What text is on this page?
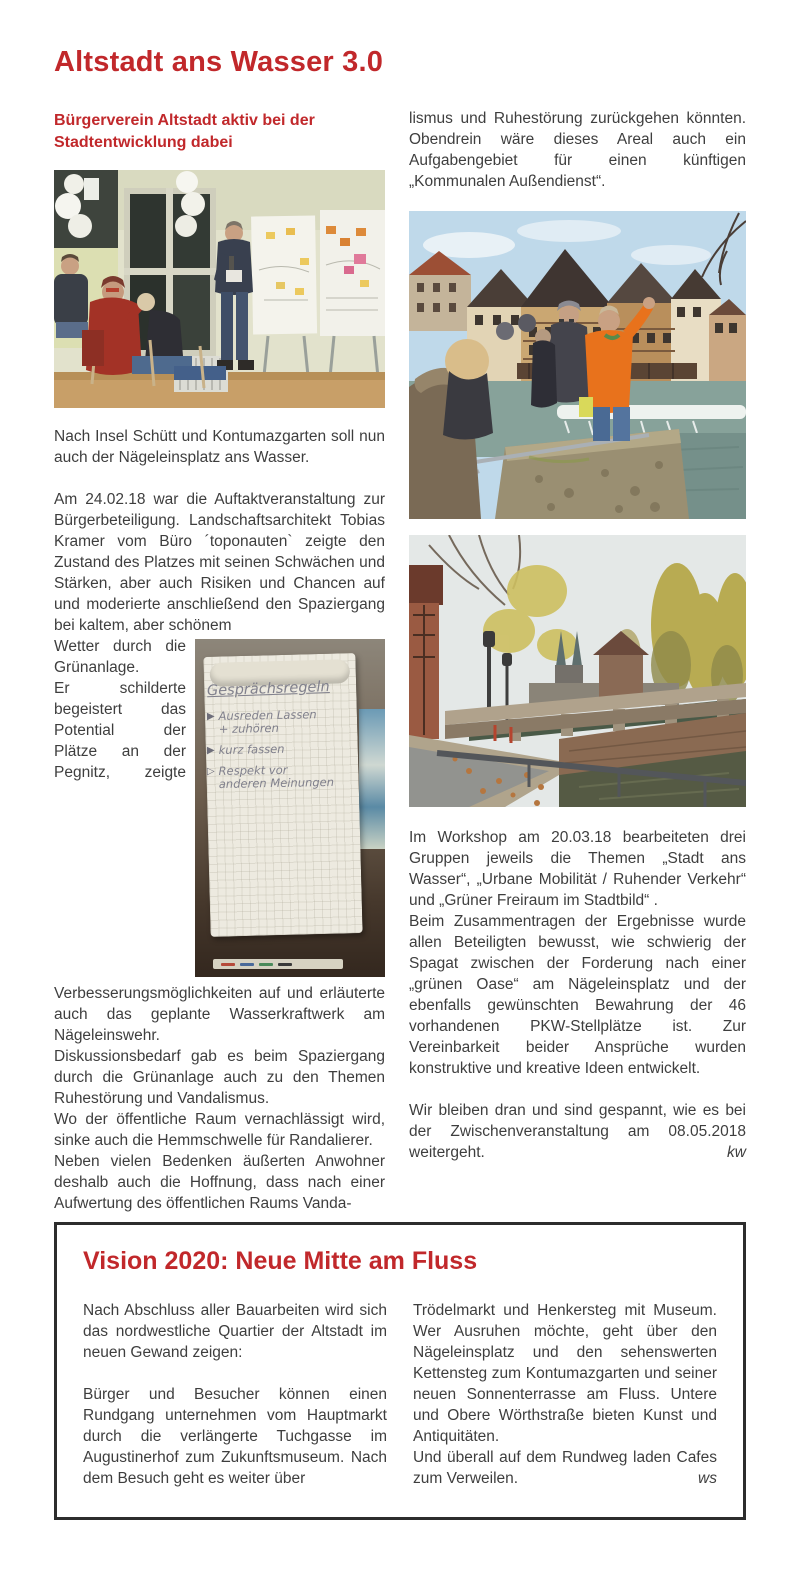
Altstadt ans Wasser 3.0

Bürgerverein Altstadt aktiv bei der Stadtentwicklung dabei

Nach Insel Schütt und Kontumazgarten soll nun auch der Nägeleinsplatz ans Wasser.

Am 24.02.18 war die Auftaktveranstaltung zur Bürgerbeteiligung. Landschaftsarchitekt Tobias Kramer vom Büro ´toponauten` zeigte den Zustand des Platzes mit seinen Schwächen und Stärken, aber auch Risiken und Chancen auf und moderierte anschließend den Spaziergang bei kaltem, aber schönem

Gesprächsregeln
▶ Ausreden Lassen
+ zuhören
▶ kurz fassen
▷ Respekt vor
anderen Meinungen

Wetter durch die Grünanlage.

Er schilderte begeistert das Potential der Plätze an der Pegnitz, zeigte Verbesserungsmöglichkeiten auf und erläuterte auch das geplante Wasserkraftwerk am Nägeleinswehr.

Diskussionsbedarf gab es beim Spaziergang durch die Grünanlage auch zu den Themen Ruhestörung und Vandalismus.

Wo der öffentliche Raum vernachlässigt wird, sinke auch die Hemmschwelle für Randalierer.

Neben vielen Bedenken äußerten Anwohner deshalb auch die Hoffnung, dass nach einer Aufwertung des öffentlichen Raums Vanda-

lismus und Ruhestörung zurückgehen könnten. Obendrein wäre dieses Areal auch ein Aufgabengebiet für einen künftigen „Kommunalen Außendienst“.

Im Workshop am 20.03.18 bearbeiteten drei Gruppen jeweils die Themen „Stadt ans Wasser“, „Urbane Mobilität / Ruhender Verkehr“ und „Grüner Freiraum im Stadtbild“ .

Beim Zusammentragen der Ergebnisse wurde allen Beteiligten bewusst, wie schwierig der Spagat zwischen der Forderung nach einer „grünen Oase“ am Nägeleinsplatz und der ebenfalls gewünschten Bewahrung der 46 vorhandenen PKW-Stellplätze ist. Zur Vereinbarkeit beider Ansprüche wurden konstruktive und kreative Ideen entwickelt.

Wir bleiben dran und sind gespannt, wie es bei der Zwischenveranstaltung am 08.05.2018 weitergeht.	kw

Vision 2020: Neue Mitte am Fluss

Nach Abschluss aller Bauarbeiten wird sich das nordwestliche Quartier der Altstadt im neuen Gewand zeigen:

Bürger und Besucher können einen Rundgang unternehmen vom Hauptmarkt durch die verlängerte Tuchgasse im Augustinerhof zum Zukunftsmuseum. Nach dem Besuch geht es weiter über

Trödelmarkt und Henkersteg mit Museum. Wer Ausruhen möchte, geht über den Nägeleinsplatz und den sehenswerten Kettensteg zum Kontumazgarten und seiner neuen Sonnenterrasse am Fluss. Untere und Obere Wörthstraße bieten Kunst und Antiquitäten.

Und überall auf dem Rundweg laden Cafes zum Verweilen.	ws
